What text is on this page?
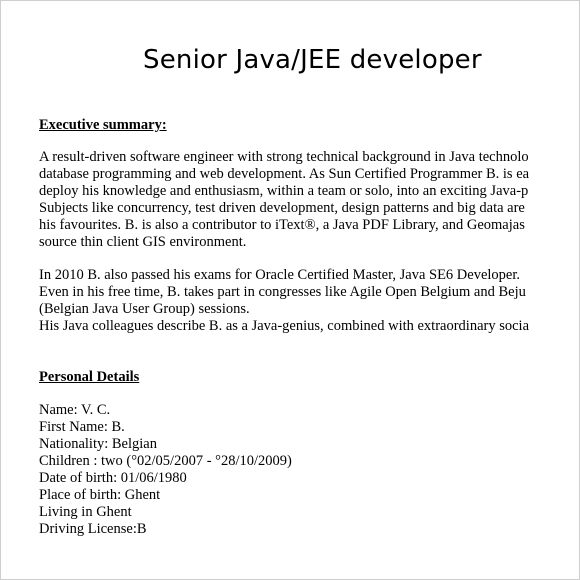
Senior Java/JEE developer
Executive summary:
A result-driven software engineer with strong technical background in Java technolo
database programming and web development. As Sun Certified Programmer B. is ea
deploy his knowledge and enthusiasm, within a team or solo, into an exciting Java-p
Subjects like concurrency, test driven development, design patterns and big data are
his favourites. B. is also a contributor to iText®, a Java PDF Library, and Geomajas
source thin client GIS environment.
In 2010 B. also passed his exams for Oracle Certified Master, Java SE6 Developer.
Even in his free time, B. takes part in congresses like Agile Open Belgium and Beju
(Belgian Java User Group) sessions.
His Java colleagues describe B. as a Java-genius, combined with extraordinary socia
Personal Details
Name: V. C.
First Name: B.
Nationality: Belgian
Children : two (°02/05/2007 - °28/10/2009)
Date of birth: 01/06/1980
Place of birth: Ghent
Living in Ghent
Driving License:B
